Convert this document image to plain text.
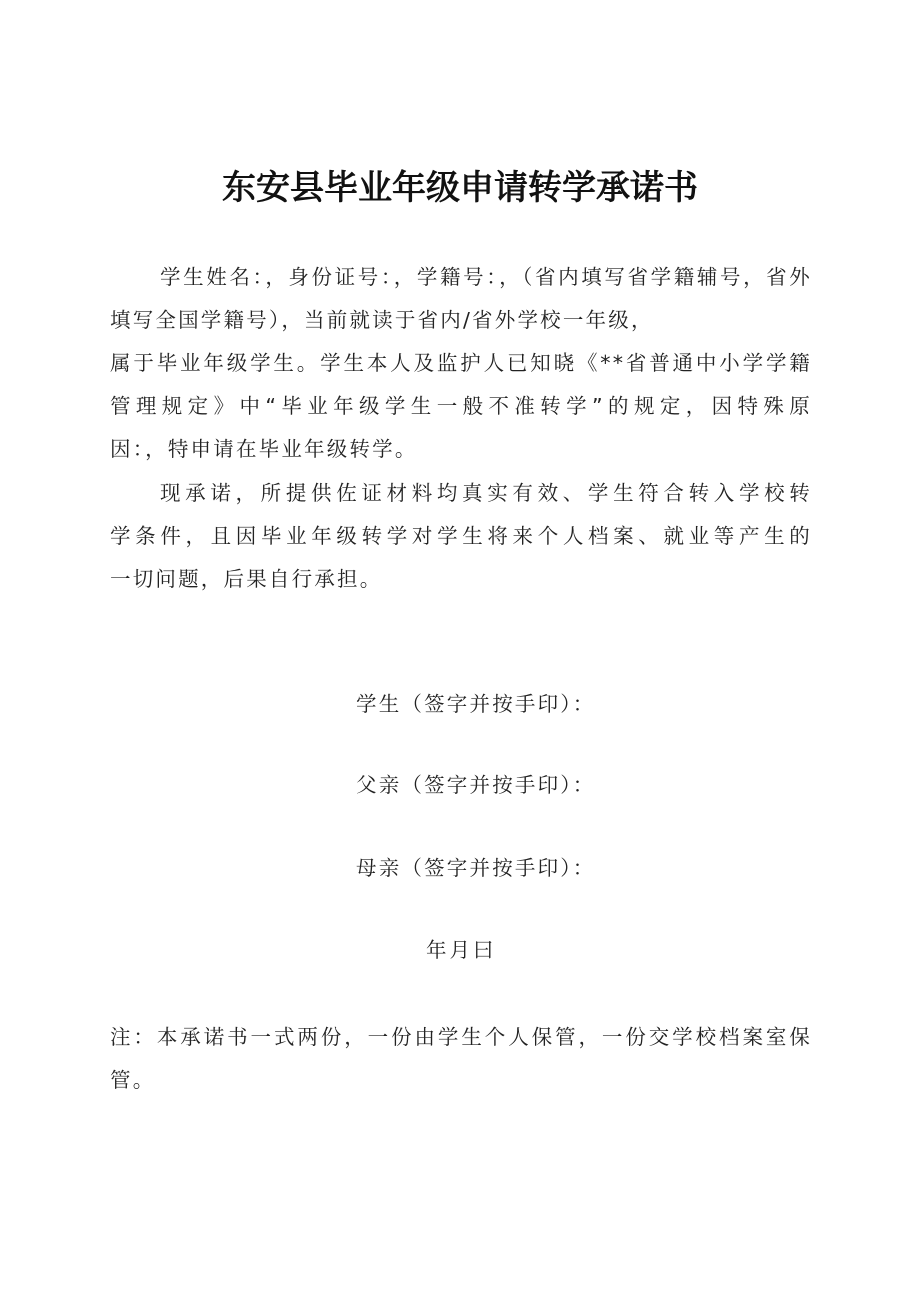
东安县毕业年级申请转学承诺书
学生姓名：，身份证号：，学籍号：，（省内填写省学籍辅号，省外
填写全国学籍号），当前就读于省内/省外学校一年级，
属于毕业年级学生。学生本人及监护人已知晓《**省普通中小学学籍
管理规定》中“毕业年级学生一般不准转学”的规定，因特殊原
因：，特申请在毕业年级转学。
现承诺，所提供佐证材料均真实有效、学生符合转入学校转
学条件，且因毕业年级转学对学生将来个人档案、就业等产生的
一切问题，后果自行承担。
学生（签字并按手印）：
父亲（签字并按手印）：
母亲（签字并按手印）：
年月曰
注：本承诺书一式两份，一份由学生个人保管，一份交学校档案室保
管。
